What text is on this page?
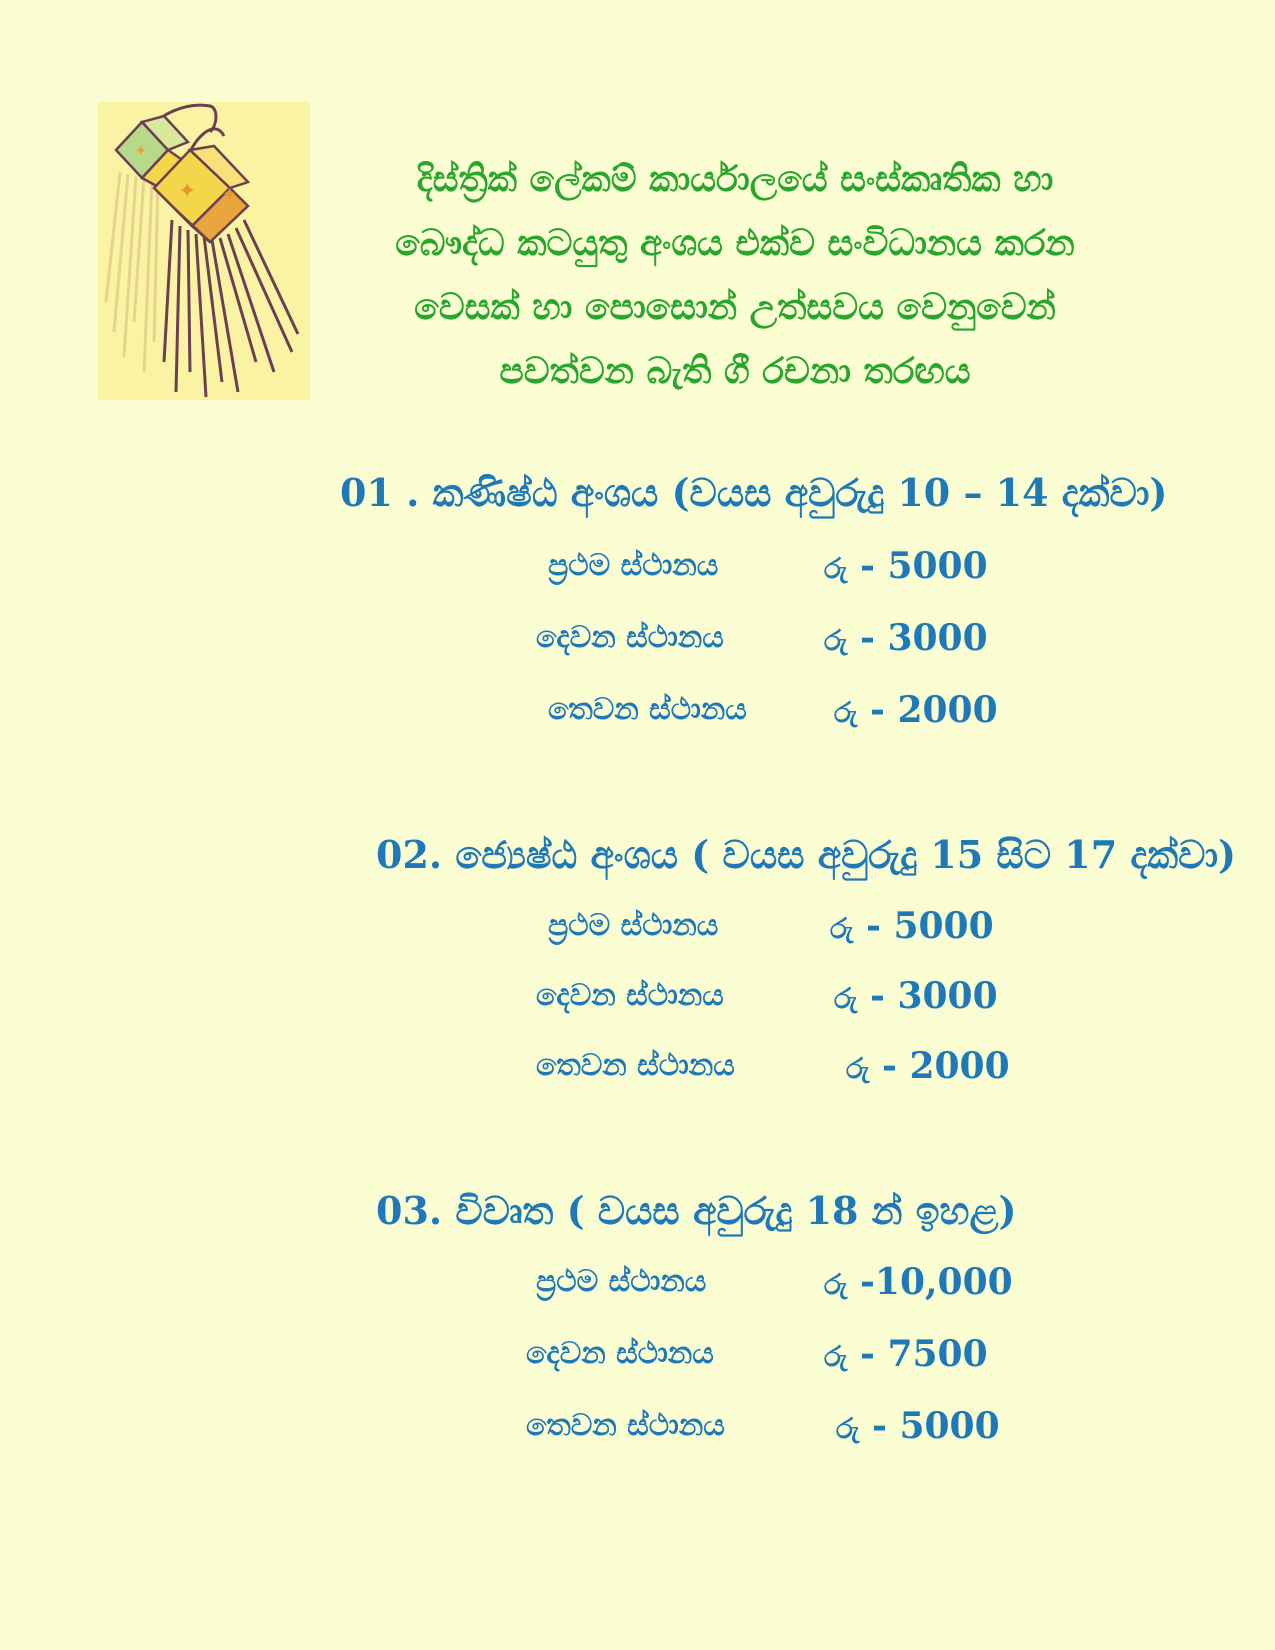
✦
✦ ✦	දිස්ත්‍රික් ලේකම් කාර්යාලයේ සංස්කෘතික හා
බෞද්ධ කටයුතු අංශය එක්ව සංවිධානය කරන
වෙසක් හා පොසොන් උත්සවය වෙනුවෙන්
පවත්වන බැති ගී රචනා තරඟය
01 . කණිෂ්ඨ අංශය (වයස අවුරුදු 10 – 14 දක්වා)
ප්‍රථම ස්ථානය	රු - 5000
දෙවන ස්ථානය	රු - 3000
තෙවන ස්ථානය	රු - 2000
02. ජ්‍යෙෂ්ඨ අංශය ( වයස අවුරුදු 15 සිට 17 දක්වා)
ප්‍රථම ස්ථානය	රු - 5000
දෙවන ස්ථානය	රු - 3000
තෙවන ස්ථානය	රු - 2000
03. විවෘත ( වයස අවුරුදු 18 න් ඉහළ)
ප්‍රථම ස්ථානය	රු -10,000
දෙවන ස්ථානය	රු - 7500
තෙවන ස්ථානය	රු - 5000
